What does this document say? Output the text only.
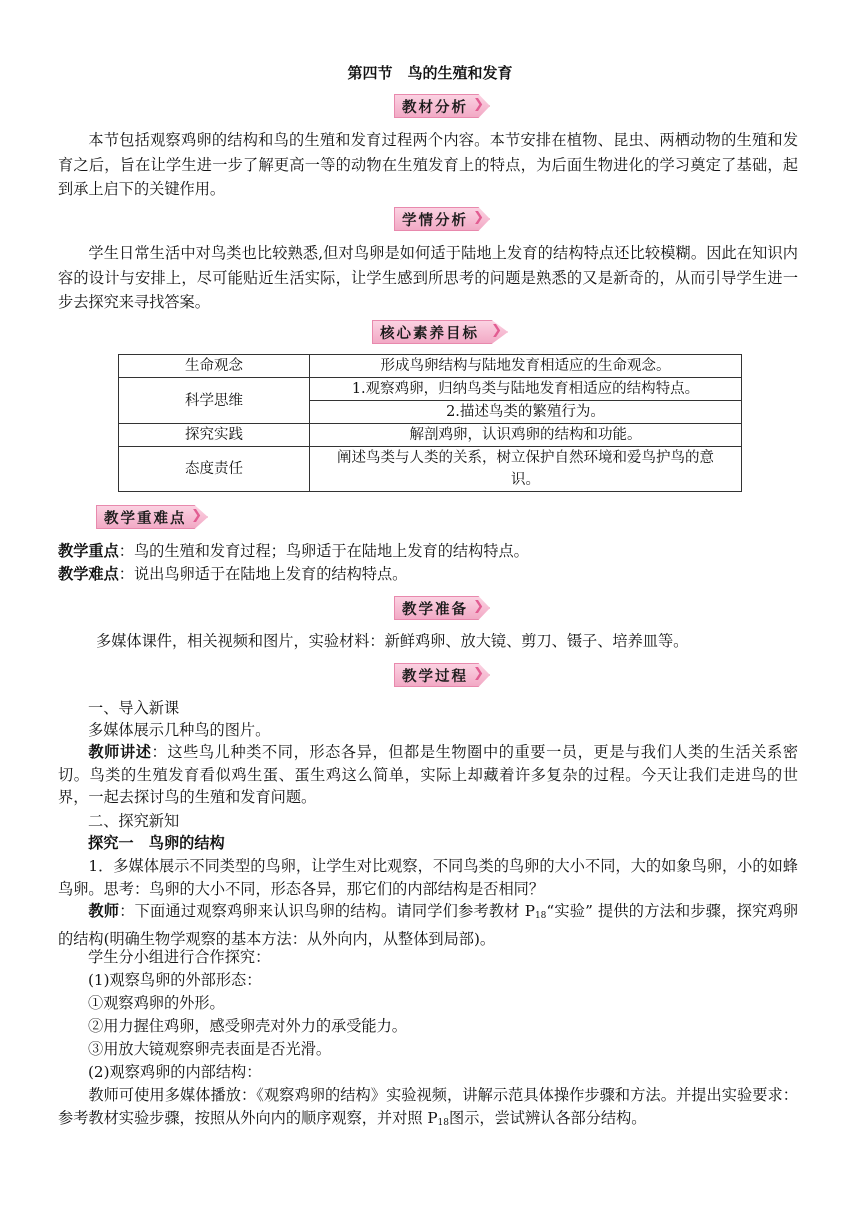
第四节　鸟的生殖和发育
教材分析 ❯
本节包括观察鸡卵的结构和鸟的生殖和发育过程两个内容。本节安排在植物、昆虫、两栖动物的生殖和发育之后，旨在让学生进一步了解更高一等的动物在生殖发育上的特点，为后面生物进化的学习奠定了基础，起到承上启下的关键作用。
学情分析 ❯
学生日常生活中对鸟类也比较熟悉,但对鸟卵是如何适于陆地上发育的结构特点还比较模糊。因此在知识内容的设计与安排上，尽可能贴近生活实际，让学生感到所思考的问题是熟悉的又是新奇的，从而引导学生进一步去探究来寻找答案。
核心素养目标 ❯
生命观念	形成鸟卵结构与陆地发育相适应的生命观念。
科学思维	1.观察鸡卵，归纳鸟类与陆地发育相适应的结构特点。
	2.描述鸟类的繁殖行为。
探究实践	解剖鸡卵，认识鸡卵的结构和功能。
态度责任	阐述鸟类与人类的关系，树立保护自然环境和爱鸟护鸟的意识。
教学重难点 ❯
教学重点：鸟的生殖和发育过程；鸟卵适于在陆地上发育的结构特点。
教学难点：说出鸟卵适于在陆地上发育的结构特点。
教学准备 ❯
多媒体课件，相关视频和图片，实验材料：新鲜鸡卵、放大镜、剪刀、镊子、培养皿等。
教学过程 ❯
一、导入新课
多媒体展示几种鸟的图片。
教师讲述：这些鸟儿种类不同，形态各异，但都是生物圈中的重要一员，更是与我们人类的生活关系密切。鸟类的生殖发育看似鸡生蛋、蛋生鸡这么简单，实际上却藏着许多复杂的过程。今天让我们走进鸟的世界，一起去探讨鸟的生殖和发育问题。
二、探究新知
探究一　鸟卵的结构
1．多媒体展示不同类型的鸟卵，让学生对比观察，不同鸟类的鸟卵的大小不同，大的如象鸟卵，小的如蜂鸟卵。思考：鸟卵的大小不同，形态各异，那它们的内部结构是否相同？
教师：下面通过观察鸡卵来认识鸟卵的结构。请同学们参考教材 $P_{18}“$实验” 提供的方法和步骤，探究鸡卵的结构(明确生物学观察的基本方法：从外向内，从整体到局部)。
学生分小组进行合作探究：
(1)观察鸟卵的外部形态：
①观察鸡卵的外形。
②用力握住鸡卵，感受卵壳对外力的承受能力。
③用放大镜观察卵壳表面是否光滑。
(2)观察鸡卵的内部结构：
教师可使用多媒体播放：《观察鸡卵的结构》实验视频，讲解示范具体操作步骤和方法。并提出实验要求：参考教材实验步骤，按照从外向内的顺序观察，并对照 $P_{18}$图示，尝试辨认各部分结构。
